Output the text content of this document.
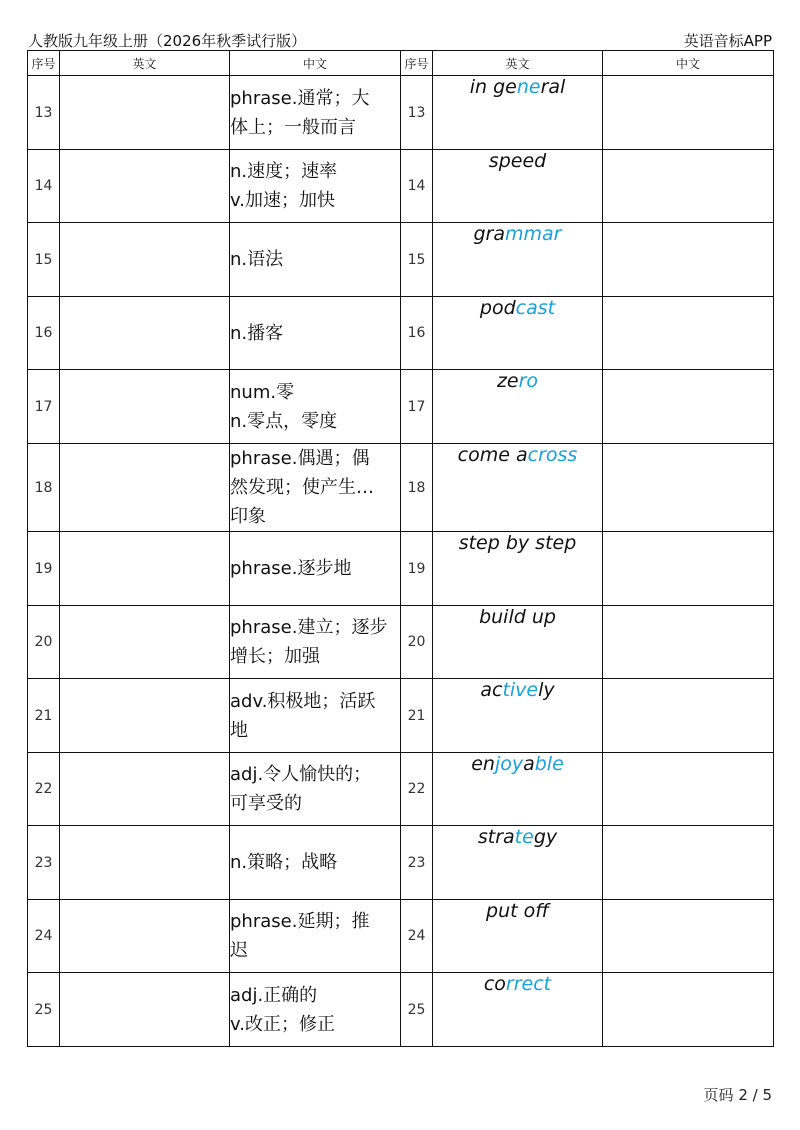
人教版九年级上册（2026年秋季试行版）	英语音标APP
序号	英文	中文	序号	英文	中文
13		phrase.通常；大
体上；一般而言	13	in general	
14		n.速度；速率
v.加速；加快	14	speed	
15		n.语法	15	grammar	
16		n.播客	16	podcast	
17		num.零
n.零点，零度	17	zero	
18		phrase.偶遇；偶
然发现；使产生…
印象	18	come across	
19		phrase.逐步地	19	step by step	
20		phrase.建立；逐步
增长；加强	20	build up	
21		adv.积极地；活跃
地	21	actively	
22		adj.令人愉快的；
可享受的	22	enjoyable	
23		n.策略；战略	23	strategy	
24		phrase.延期；推
迟	24	put off	
25		adj.正确的
v.改正；修正	25	correct	
页码 2 / 5
